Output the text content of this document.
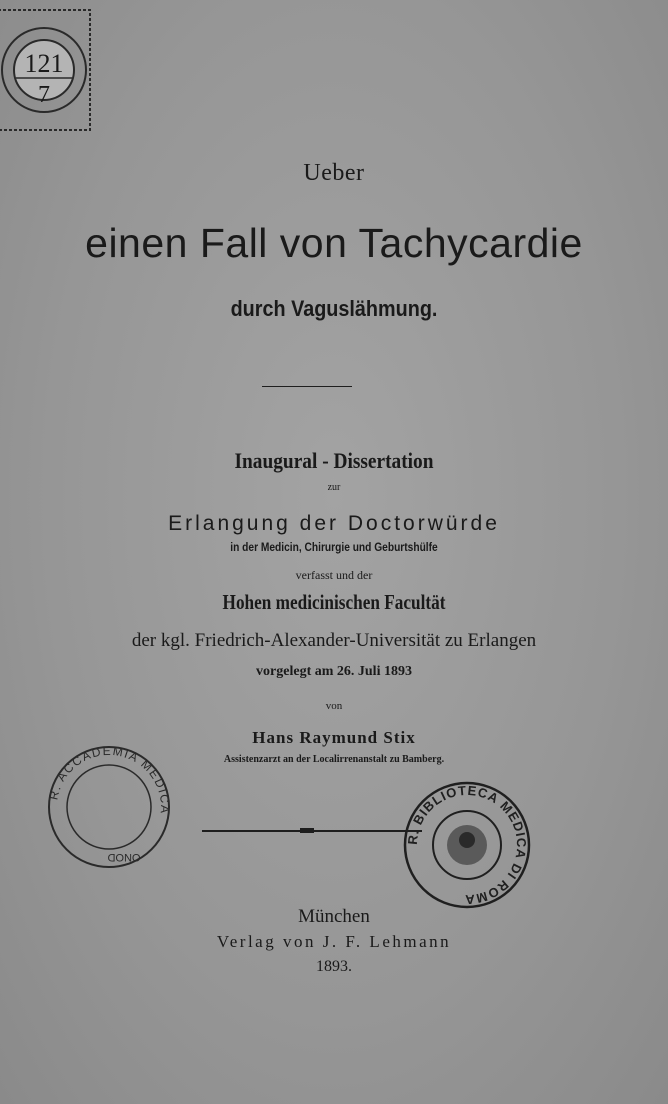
121
7
Ueber
einen Fall von Tachycardie
durch Vaguslähmung.
Inaugural - Dissertation
zur
Erlangung der Doctorwürde
in der Medicin, Chirurgie und Geburtshülfe
verfasst und der
Hohen medicinischen Facultät
der kgl. Friedrich-Alexander-Universität zu Erlangen
vorgelegt am 26. Juli 1893
von
Hans Raymund Stix
Assistenzarzt an der Localirrenanstalt zu Bamberg.
R. ACCADEMIA MEDICA
ONOD
R. BIBLIOTECA MEDICA DI ROMA
München
Verlag von J. F. Lehmann
1893.
